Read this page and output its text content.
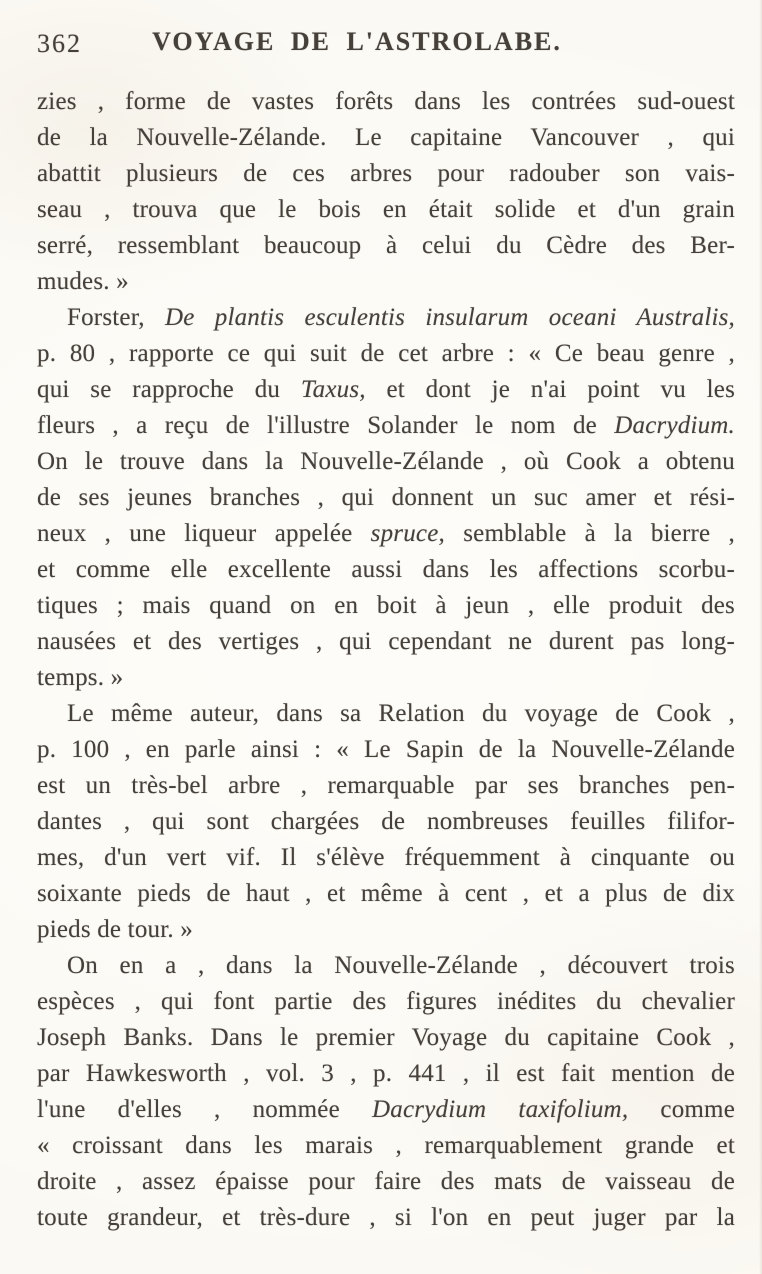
362	VOYAGE DE L'ASTROLABE.
zies , forme de vastes forêts dans les contrées sud-ouest
de la Nouvelle-Zélande. Le capitaine Vancouver , qui
abattit plusieurs de ces arbres pour radouber son vais-
seau , trouva que le bois en était solide et d'un grain
serré, ressemblant beaucoup à celui du Cèdre des Ber-
mudes. »
Forster, De plantis esculentis insularum oceani Australis,
p. 80 , rapporte ce qui suit de cet arbre : « Ce beau genre ,
qui se rapproche du Taxus, et dont je n'ai point vu les
fleurs , a reçu de l'illustre Solander le nom de Dacrydium.
On le trouve dans la Nouvelle-Zélande , où Cook a obtenu
de ses jeunes branches , qui donnent un suc amer et rési-
neux , une liqueur appelée spruce, semblable à la bierre ,
et comme elle excellente aussi dans les affections scorbu-
tiques ; mais quand on en boit à jeun , elle produit des
nausées et des vertiges , qui cependant ne durent pas long-
temps. »
Le même auteur, dans sa Relation du voyage de Cook ,
p. 100 , en parle ainsi : « Le Sapin de la Nouvelle-Zélande
est un très-bel arbre , remarquable par ses branches pen-
dantes , qui sont chargées de nombreuses feuilles filifor-
mes, d'un vert vif. Il s'élève fréquemment à cinquante ou
soixante pieds de haut , et même à cent , et a plus de dix
pieds de tour. »
On en a , dans la Nouvelle-Zélande , découvert trois
espèces , qui font partie des figures inédites du chevalier
Joseph Banks. Dans le premier Voyage du capitaine Cook ,
par Hawkesworth , vol. 3 , p. 441 , il est fait mention de
l'une d'elles , nommée Dacrydium taxifolium, comme
« croissant dans les marais , remarquablement grande et
droite , assez épaisse pour faire des mats de vaisseau de
toute grandeur, et très-dure , si l'on en peut juger par la
